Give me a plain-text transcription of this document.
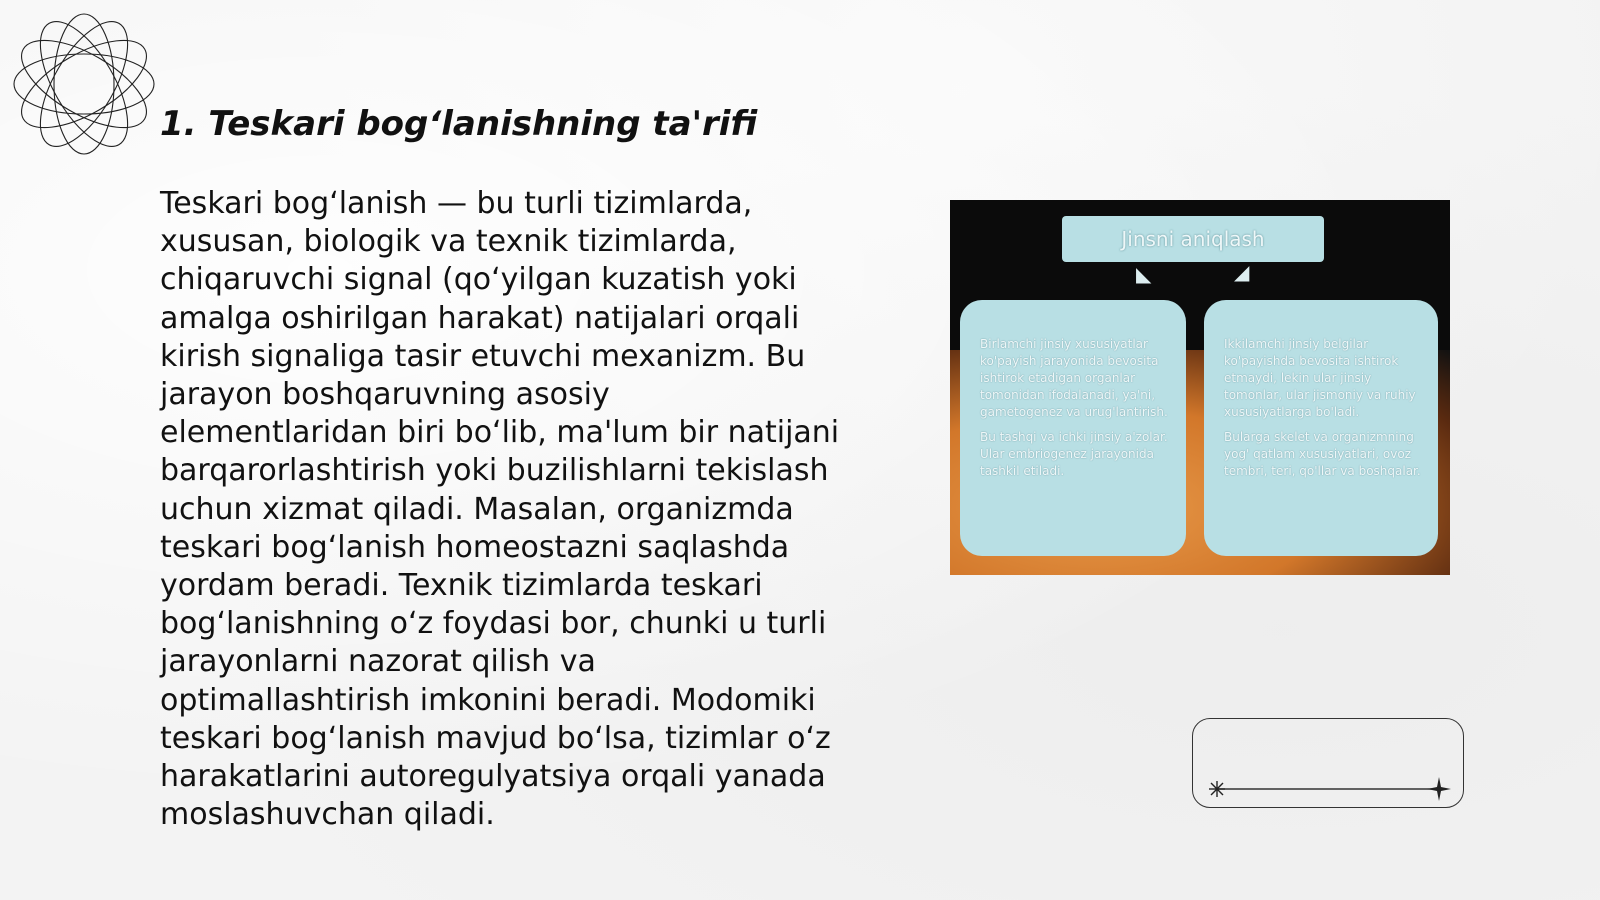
1. Teskari bog‘lanishning ta'rifi

Teskari bog‘lanish — bu turli tizimlarda, xususan, biologik va texnik tizimlarda, chiqaruvchi signal (qo‘yilgan kuzatish yoki amalga oshirilgan harakat) natijalari orqali kirish signaliga tasir etuvchi mexanizm. Bu jarayon boshqaruvning asosiy elementlaridan biri bo‘lib, ma'lum bir natijani barqarorlashtirish yoki buzilishlarni tekislash uchun xizmat qiladi. Masalan, organizmda teskari bog‘lanish homeostazni saqlashda yordam beradi. Texnik tizimlarda teskari bog‘lanishning o‘z foydasi bor, chunki u turli jarayonlarni nazorat qilish va optimallashtirish imkonini beradi. Modomiki teskari bog‘lanish mavjud bo‘lsa, tizimlar o‘z harakatlarini autoregulyatsiya orqali yanada moslashuvchan qiladi.

Jinsni aniqlash
◣	◢

Birlamchi jinsiy xususiyatlar ko'payish jarayonida bevosita ishtirok etadigan organlar tomonidan ifodalanadi, ya'ni, gametogenez va urug'lantirish.

Bu tashqi va ichki jinsiy a'zolar. Ular embriogenez jarayonida tashkil etiladi.

Ikkilamchi jinsiy belgilar ko'payishda bevosita ishtirok etmaydi, lekin ular jinsiy tomonlar, ular jismoniy va ruhiy xususiyatlarga bo'ladi.

Bularga skelet va organizmning yog' qatlam xususiyatlari, ovoz tembri, teri, qo'llar va boshqalar.
